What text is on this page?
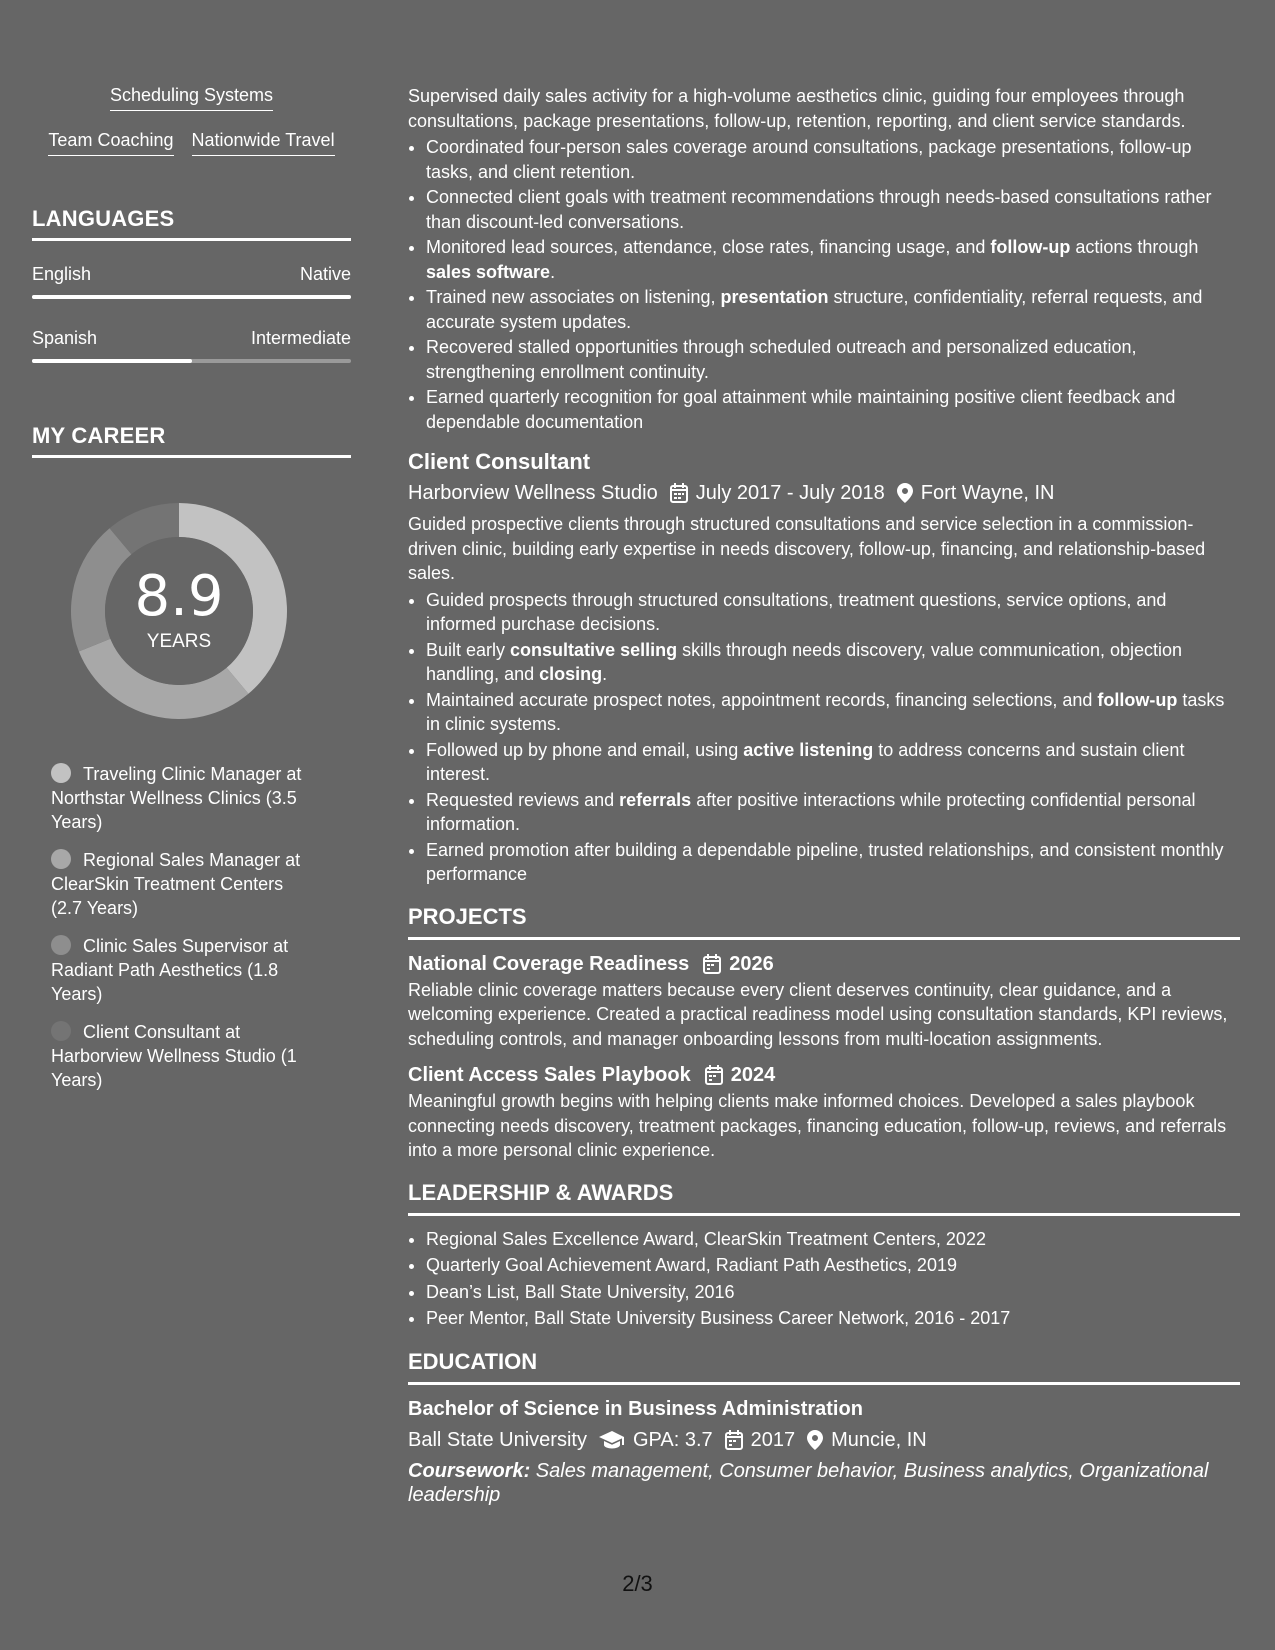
Scheduling Systems
Team Coaching Nationwide Travel
LANGUAGES
English	Native
Spanish	Intermediate
MY CAREER
8.9
YEARS
Traveling Clinic Manager at Northstar Wellness Clinics (3.5 Years)
Regional Sales Manager at ClearSkin Treatment Centers (2.7 Years)
Clinic Sales Supervisor at Radiant Path Aesthetics (1.8 Years)
Client Consultant at Harborview Wellness Studio (1 Years)

Supervised daily sales activity for a high-volume aesthetics clinic, guiding four employees through consultations, package presentations, follow-up, retention, reporting, and client service standards.

• Coordinated four-person sales coverage around consultations, package presentations, follow-up tasks, and client retention.
• Connected client goals with treatment recommendations through needs-based consultations rather than discount-led conversations.
• Monitored lead sources, attendance, close rates, financing usage, and follow-up actions through sales software.
• Trained new associates on listening, presentation structure, confidentiality, referral requests, and accurate system updates.
• Recovered stalled opportunities through scheduled outreach and personalized education, strengthening enrollment continuity.
• Earned quarterly recognition for goal attainment while maintaining positive client feedback and dependable documentation
Client Consultant
Harborview Wellness Studio July 2017 - July 2018 Fort Wayne, IN

Guided prospective clients through structured consultations and service selection in a commission-driven clinic, building early expertise in needs discovery, follow-up, financing, and relationship-based sales.

• Guided prospects through structured consultations, treatment questions, service options, and informed purchase decisions.
• Built early consultative selling skills through needs discovery, value communication, objection handling, and closing.
• Maintained accurate prospect notes, appointment records, financing selections, and follow-up tasks in clinic systems.
• Followed up by phone and email, using active listening to address concerns and sustain client interest.
• Requested reviews and referrals after positive interactions while protecting confidential personal information.
• Earned promotion after building a dependable pipeline, trusted relationships, and consistent monthly performance
PROJECTS
National Coverage Readiness 2026

Reliable clinic coverage matters because every client deserves continuity, clear guidance, and a welcoming experience. Created a practical readiness model using consultation standards, KPI reviews, scheduling controls, and manager onboarding lessons from multi-location assignments.

Client Access Sales Playbook 2024

Meaningful growth begins with helping clients make informed choices. Developed a sales playbook connecting needs discovery, treatment packages, financing education, follow-up, reviews, and referrals into a more personal clinic experience.

LEADERSHIP & AWARDS
• Regional Sales Excellence Award, ClearSkin Treatment Centers, 2022
• Quarterly Goal Achievement Award, Radiant Path Aesthetics, 2019
• Dean’s List, Ball State University, 2016
• Peer Mentor, Ball State University Business Career Network, 2016 - 2017
EDUCATION
Bachelor of Science in Business Administration
Ball State University GPA: 3.7 2017 Muncie, IN
Coursework: Sales management, Consumer behavior, Business analytics, Organizational leadership
2/3
